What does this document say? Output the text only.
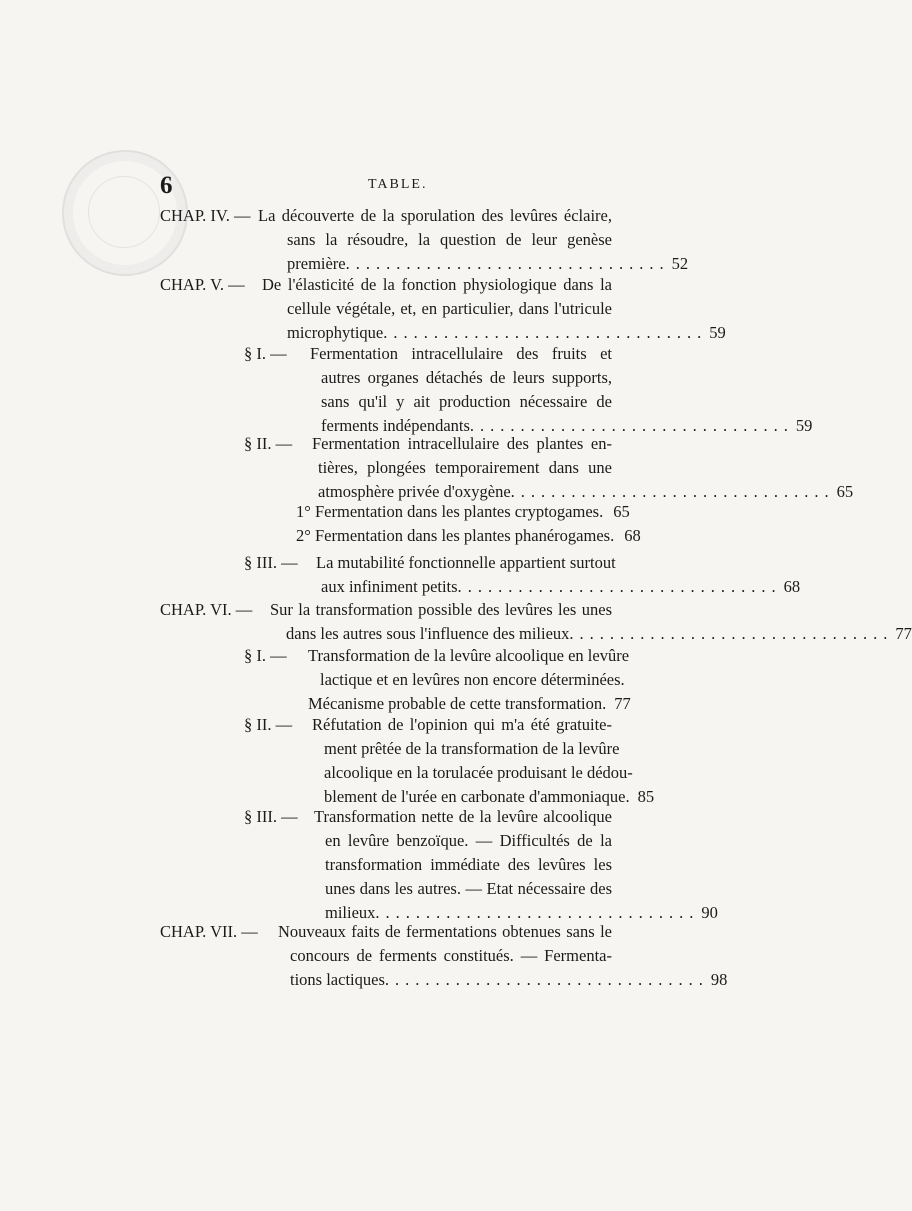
6	TABLE.
CHAP. IV. — La découverte de la sporulation des levûres éclaire,
sans la résoudre, la question de leur genèse
première. ............................... 52
CHAP. V. — De l'élasticité de la fonction physiologique dans la
cellule végétale, et, en particulier, dans l'utricule
microphytique. ............................... 59
§ I. — Fermentation intracellulaire des fruits et
autres organes détachés de leurs supports,
sans qu'il y ait production nécessaire de
ferments indépendants. ............................... 59
§ II. — Fermentation intracellulaire des plantes en-
tières, plongées temporairement dans une
atmosphère privée d'oxygène. ............................... 65
1° Fermentation dans les plantes cryptogames. 65
2° Fermentation dans les plantes phanérogames. 68
§ III. — La mutabilité fonctionnelle appartient surtout
aux infiniment petits. ............................... 68
CHAP. VI. — Sur la transformation possible des levûres les unes
dans les autres sous l'influence des milieux. ............................... 77
§ I. — Transformation de la levûre alcoolique en levûre
lactique et en levûres non encore déterminées.
Mécanisme probable de cette transformation. 77
§ II. — Réfutation de l'opinion qui m'a été gratuite-
ment prêtée de la transformation de la levûre
alcoolique en la torulacée produisant le dédou-
blement de l'urée en carbonate d'ammoniaque. 85
§ III. — Transformation nette de la levûre alcoolique
en levûre benzoïque. — Difficultés de la
transformation immédiate des levûres les
unes dans les autres. — Etat nécessaire des
milieux. ............................... 90
CHAP. VII. — Nouveaux faits de fermentations obtenues sans le
concours de ferments constitués. — Fermenta-
tions lactiques. ............................... 98
